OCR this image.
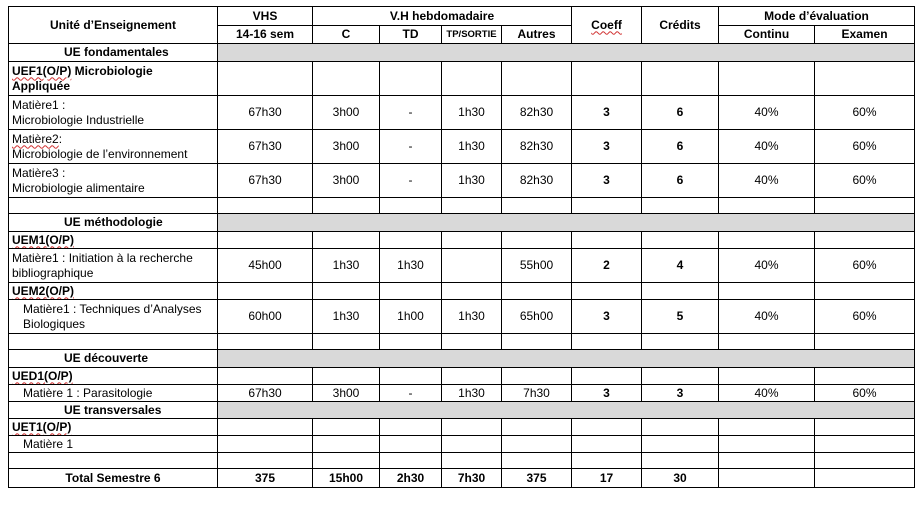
Unité d’Enseignement	VHS	V.H hebdomadaire				Coeff	Crédits	Mode d’évaluation	
	14-16 sem	C	TD	TP/SORTIE	Autres			Continu	Examen
UE fondamentales									
UEF1(O/P) Microbiologie
Appliquée									
Matière1 :
Microbiologie Industrielle	67h30	3h00	-	1h30	82h30	3	6	40%	60%
Matière2:
Microbiologie de l’environnement	67h30	3h00	-	1h30	82h30	3	6	40%	60%
Matière3 :
Microbiologie alimentaire	67h30	3h00	-	1h30	82h30	3	6	40%	60%

UE méthodologie									
UEM1(O/P)									
Matière1 : Initiation à la recherche
bibliographique	45h00	1h30	1h30		55h00	2	4	40%	60%
UEM2(O/P)									
Matière1 : Techniques d’Analyses
Biologiques	60h00	1h30	1h00	1h30	65h00	3	5	40%	60%

UE découverte									
UED1(O/P)									
Matière 1 : Parasitologie	67h30	3h00	-	1h30	7h30	3	3	40%	60%
UE transversales									
UET1(O/P)									
Matière 1									

Total Semestre 6	375	15h00	2h30	7h30	375	17	30		
